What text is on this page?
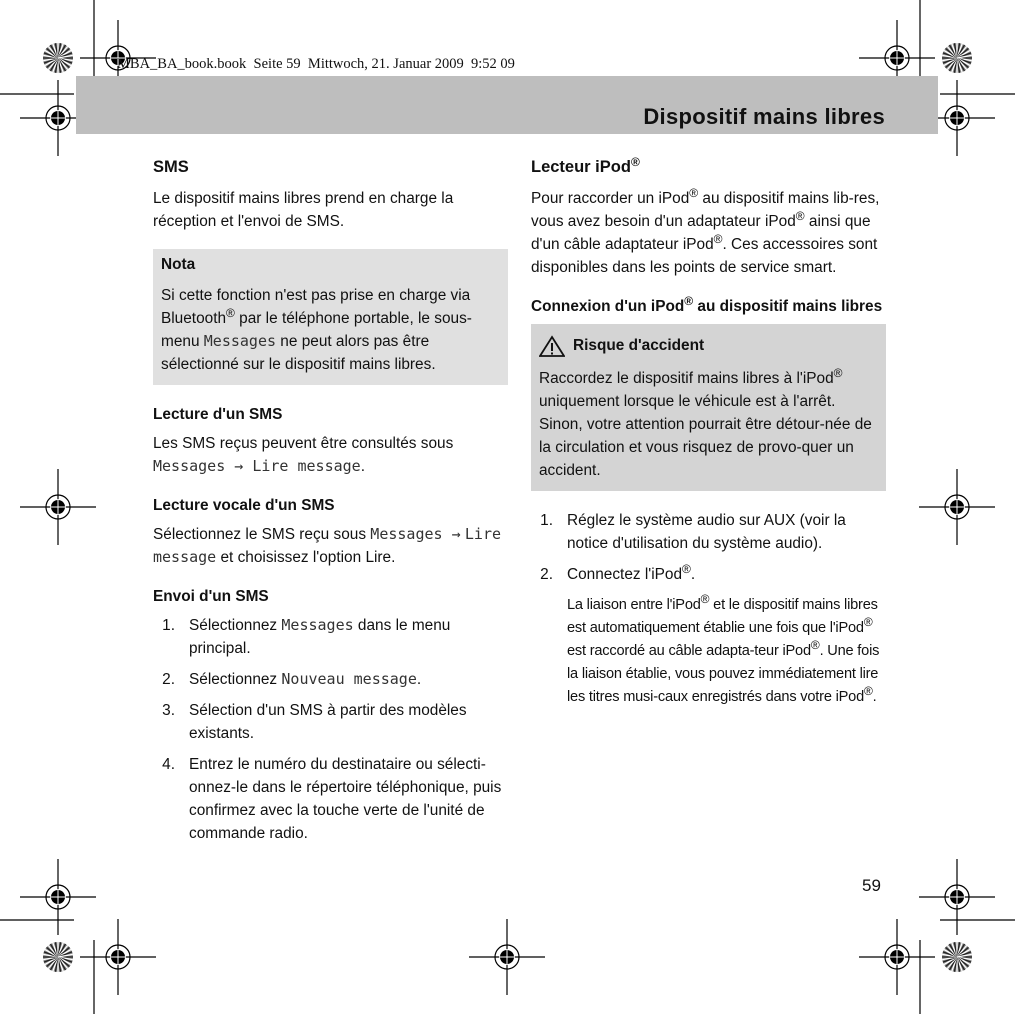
MBA_BA_book.book  Seite 59  Mittwoch, 21. Januar 2009  9:52 09
Dispositif mains libres
SMS
Le dispositif mains libres prend en charge la réception et l'envoi de SMS.
Nota
Si cette fonction n'est pas prise en charge via Bluetooth® par le téléphone portable, le sous-menu Messages ne peut alors pas être sélectionné sur le dispositif mains libres.
Lecture d'un SMS
Les SMS reçus peuvent être consultés sous Messages → Lire message.
Lecture vocale d'un SMS
Sélectionnez le SMS reçu sous Messages → Lire message et choisissez l'option Lire.
Envoi d'un SMS
1. Sélectionnez Messages dans le menu principal.
2. Sélectionnez Nouveau message.
3. Sélection d'un SMS à partir des modèles existants.
4. Entrez le numéro du destinataire ou sélecti-onnez-le dans le répertoire téléphonique, puis confirmez avec la touche verte de l'unité de commande radio.
Lecteur iPod®
Pour raccorder un iPod® au dispositif mains lib-res, vous avez besoin d'un adaptateur iPod® ainsi que d'un câble adaptateur iPod®. Ces accessoires sont disponibles dans les points de service smart.
Connexion d'un iPod® au dispositif mains libres
Risque d'accident
Raccordez le dispositif mains libres à l'iPod® uniquement lorsque le véhicule est à l'arrêt. Sinon, votre attention pourrait être détour-née de la circulation et vous risquez de provo-quer un accident.
1. Réglez le système audio sur AUX (voir la notice d'utilisation du système audio).
2. Connectez l'iPod®.
La liaison entre l'iPod® et le dispositif mains libres est automatiquement établie une fois que l'iPod® est raccordé au câble adapta-teur iPod®. Une fois la liaison établie, vous pouvez immédiatement lire les titres musi-caux enregistrés dans votre iPod®.
59
